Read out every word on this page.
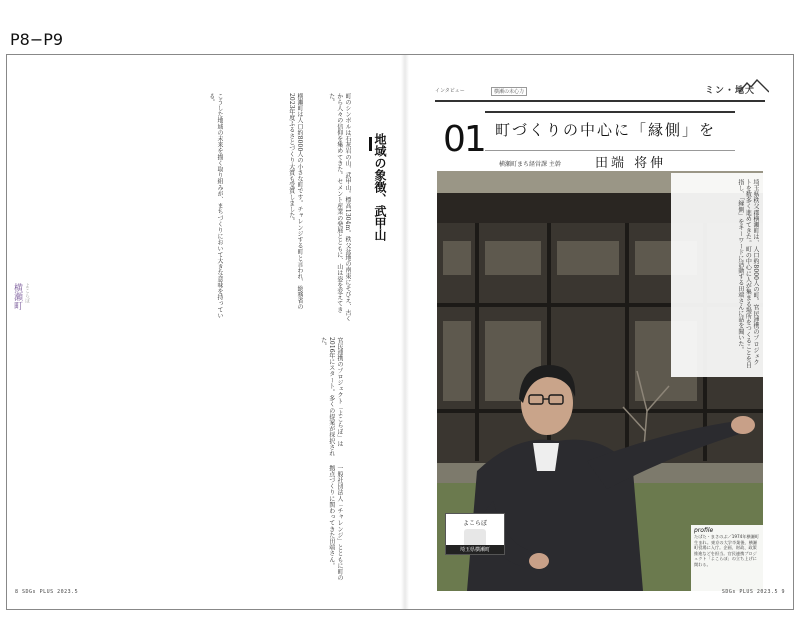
P8−P9
地域の象徴、武甲山
町のシンボルは石灰岩の山、武甲山。標高1304m。秩父盆地の南東にそびえ、古くから人々の信仰を集めてきた。セメント産業の発展とともに、山は姿を変えてきた。
横瀬町は人口約8000人の小さな町です。チャレンジする町と言われ、総務省の2023年度ふるさとづくり大賞も受賞しました。
こうした地域の未来を描く取り組みが、まちづくりにおいて大きな意味を持っている。
官民連携のプロジェクト「よこらぼ」は2016年にスタート。多くの提案が採択された。
一般社団法人「チャレンジ」とともに町の拠点づくりに関わってきた田端さん。
よこらぼ
横瀬町
8 SDGs PLUS 2023.5
インタビュー	横瀬の未心力	ミン・地大
01 町づくりの中心に「縁側」を
横瀬町まち経営課 主幹	田端 将伸
埼玉県秩父郡横瀬町は、人口約8000人の町。官民連携のプロジェクトを数多く進めてきた。町の中心に人が集まる場所をつくることを目指し、「縁側」をキーワードに活動する田端さんに話を聞いた。
よこらぼ
埼玉県横瀬町
profile
たばた・まさのぶ／1974年横瀬町生まれ。東京の大学卒業後、横瀬町役場に入庁。企画、財政、政策推進などを担当。官民連携プロジェクト「よこらぼ」の立ち上げに関わる。
SDGs PLUS 2023.5 9
